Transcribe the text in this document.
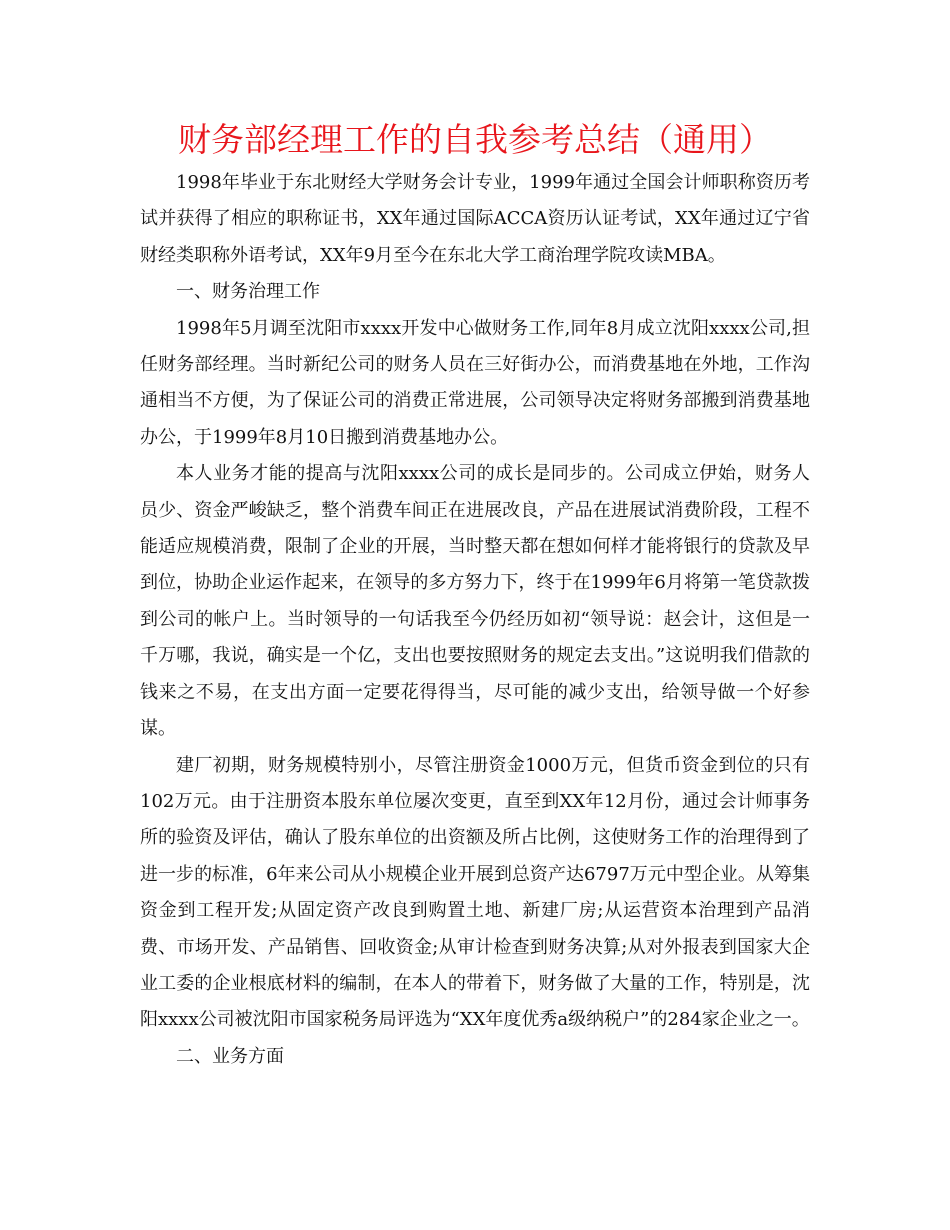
财务部经理工作的自我参考总结（通用）

1998年毕业于东北财经大学财务会计专业，1999年通过全国会计师职称资历考试并获得了相应的职称证书，XX年通过国际ACCA资历认证考试，XX年通过辽宁省财经类职称外语考试，XX年9月至今在东北大学工商治理学院攻读MBA。

一、财务治理工作

1998年5月调至沈阳市xxxx开发中心做财务工作,同年8月成立沈阳xxxx公司,担任财务部经理。当时新纪公司的财务人员在三好街办公，而消费基地在外地，工作沟通相当不方便，为了保证公司的消费正常进展，公司领导决定将财务部搬到消费基地办公，于1999年8月10日搬到消费基地办公。

本人业务才能的提高与沈阳xxxx公司的成长是同步的。公司成立伊始，财务人员少、资金严峻缺乏，整个消费车间正在进展改良，产品在进展试消费阶段，工程不能适应规模消费，限制了企业的开展，当时整天都在想如何样才能将银行的贷款及早到位，协助企业运作起来，在领导的多方努力下，终于在1999年6月将第一笔贷款拨到公司的帐户上。当时领导的一句话我至今仍经历如初“领导说：赵会计，这但是一千万哪，我说，确实是一个亿，支出也要按照财务的规定去支出。”这说明我们借款的钱来之不易，在支出方面一定要花得得当，尽可能的减少支出，给领导做一个好参谋。

建厂初期，财务规模特别小，尽管注册资金1000万元，但货币资金到位的只有102万元。由于注册资本股东单位屡次变更，直至到XX年12月份，通过会计师事务所的验资及评估，确认了股东单位的出资额及所占比例，这使财务工作的治理得到了进一步的标准，6年来公司从小规模企业开展到总资产达6797万元中型企业。从筹集资金到工程开发;从固定资产改良到购置土地、新建厂房;从运营资本治理到产品消费、市场开发、产品销售、回收资金;从审计检查到财务决算;从对外报表到国家大企业工委的企业根底材料的编制，在本人的带着下，财务做了大量的工作，特别是，沈阳xxxx公司被沈阳市国家税务局评选为“XX年度优秀a级纳税户”的284家企业之一。

二、业务方面
